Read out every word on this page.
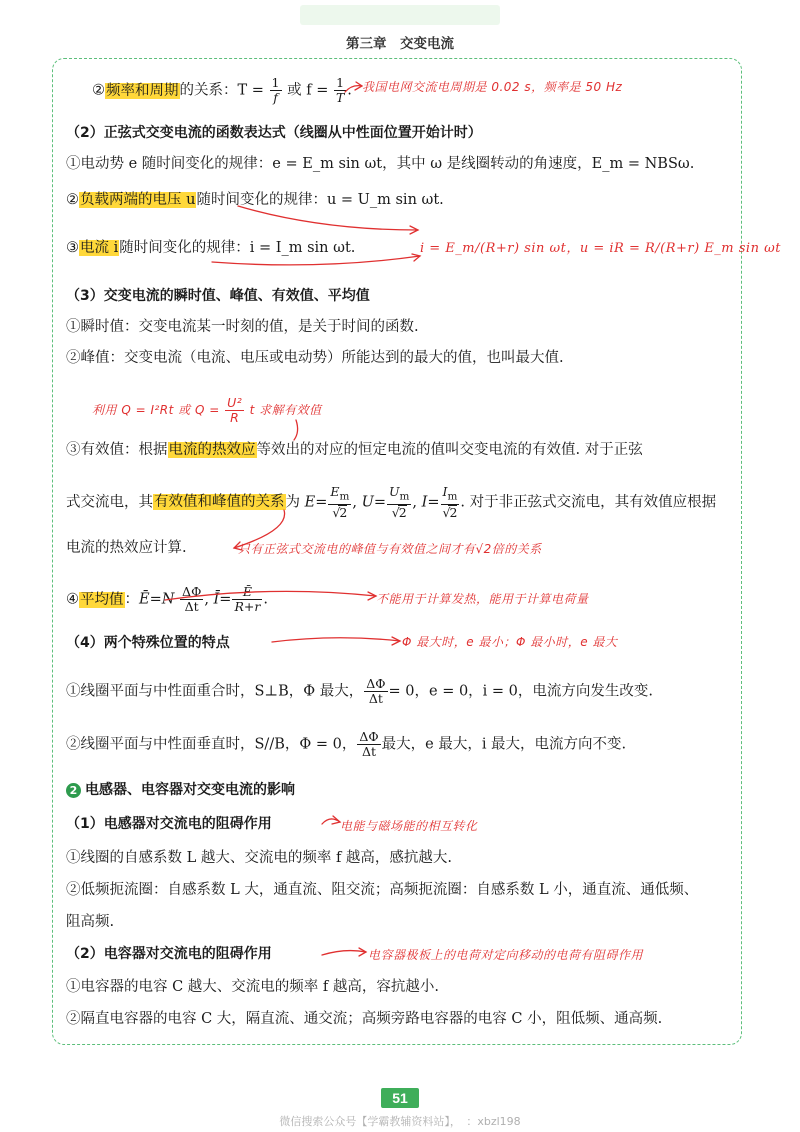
第三章　交变电流
②频率和周期的关系：$T = \frac{1}{f}$ 或 $f = \frac{1}{T}$ . 我国电网交流电周期是 0.02 s，频率是 50 Hz
（2）正弦式交变电流的函数表达式（线圈从中性面位置开始计时）
①电动势 e 随时间变化的规律：e = E_m sin ωt，其中 ω 是线圈转动的角速度，E_m = NBSω.
②负载两端的电压 u随时间变化的规律：u = U_m sin ωt.
③电流 i随时间变化的规律：i = I_m sin ωt.	i = E_m/(R+r) sin ωt，u = iR = R/(R+r) E_m sin ωt
（3）交变电流的瞬时值、峰值、有效值、平均值
①瞬时值：交变电流某一时刻的值，是关于时间的函数.
②峰值：交变电流（电流、电压或电动势）所能达到的最大的值，也叫最大值.
利用 Q = I²Rt 或 $Q = \frac{\text{U²}}{R}$ t 求解有效值
③有效值：根据电流的热效应等效出的对应的恒定电流的值叫交变电流的有效值. 对于正弦
式交流电，其有效值和峰值的关系为 $E= \frac{E_m}{√2}$ , $U= \frac{U_m}{√2}$ , $I= \frac{I_m}{√2}$ . 对于非正弦式交流电，其有效值应根据
电流的热效应计算.	只有正弦式交流电的峰值与有效值之间才有√2倍的关系
④平均值：Ē=N $\frac{\Delta\Phi}{\Delta t}$ , Ī= $\frac{Ē}{R+r}$ .	不能用于计算发热，能用于计算电荷量
（4）两个特殊位置的特点	Φ 最大时，e 最小；Φ 最小时，e 最大
①线圈平面与中性面重合时，S⊥B，Φ 最大， $\frac{\Delta\Phi}{\Delta t} = 0$，e = 0，i = 0，电流方向发生改变.
②线圈平面与中性面垂直时，S//B，Φ = 0， $\frac{\Delta\Phi}{\Delta t}$ 最大，e 最大，i 最大，电流方向不变.
2 电感器、电容器对交变电流的影响
（1）电感器对交流电的阻碍作用	电能与磁场能的相互转化
①线圈的自感系数 L 越大、交流电的频率 f 越高，感抗越大.
②低频扼流圈：自感系数 L 大，通直流、阻交流；高频扼流圈：自感系数 L 小，通直流、通低频、
阻高频.
（2）电容器对交流电的阻碍作用	电容器极板上的电荷对定向移动的电荷有阻碍作用
①电容器的电容 C 越大、交流电的频率 f 越高，容抗越小.
②隔直电容器的电容 C 大，隔直流、通交流；高频旁路电容器的电容 C 小，阻低频、通高频.
51
微信搜索公众号【学霸教辅资料站】，　：xbzl198
